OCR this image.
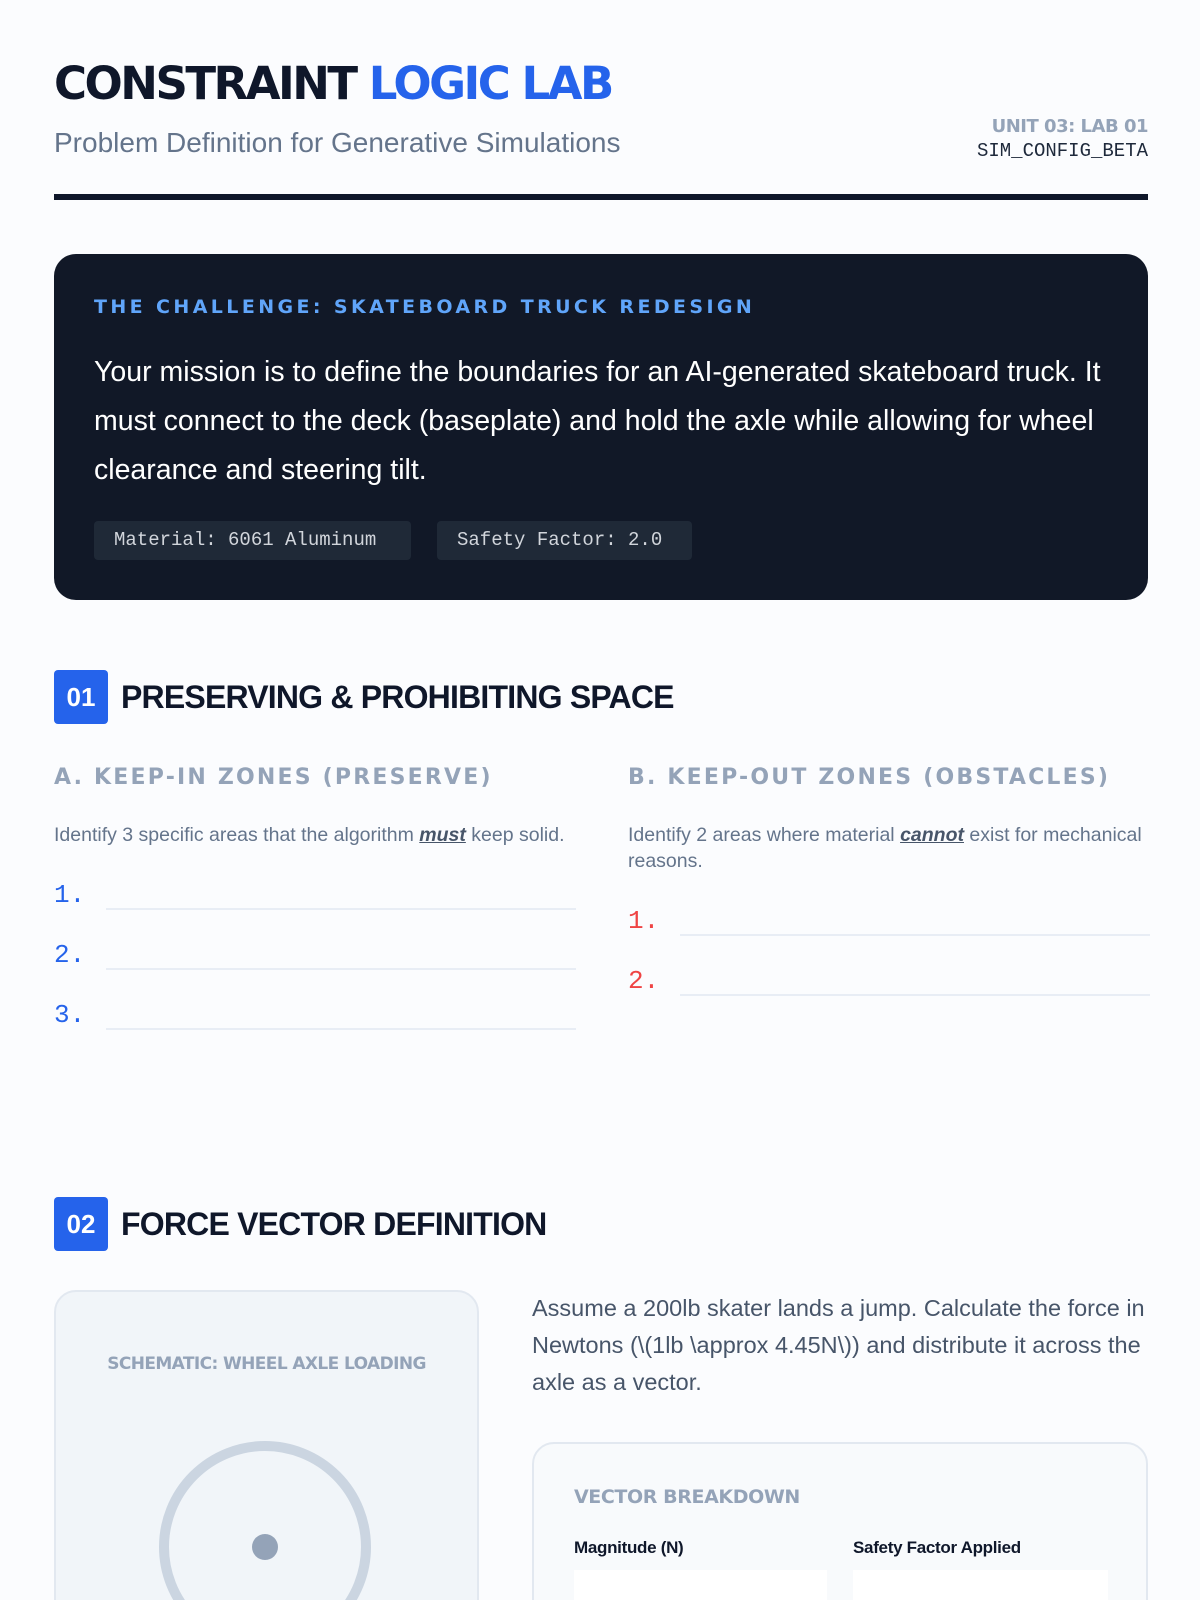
CONSTRAINT LOGIC LAB
Problem Definition for Generative Simulations
UNIT 03: LAB 01
SIM_CONFIG_BETA
THE CHALLENGE: SKATEBOARD TRUCK REDESIGN
Your mission is to define the boundaries for an AI-generated skateboard truck. It must connect to the deck (baseplate) and hold the axle while allowing for wheel clearance and steering tilt.
Material: 6061 Aluminum	Safety Factor: 2.0
01 PRESERVING & PROHIBITING SPACE
A. KEEP-IN ZONES (PRESERVE)
Identify 3 specific areas that the algorithm must keep solid.
1.
2.
3.
B. KEEP-OUT ZONES (OBSTACLES)
Identify 2 areas where material cannot exist for mechanical reasons.
1.
2.
02 FORCE VECTOR DEFINITION
SCHEMATIC: WHEEL AXLE LOADING
Assume a 200lb skater lands a jump. Calculate the force in Newtons (\(1lb \approx 4.45N\)) and distribute it across the axle as a vector.
VECTOR BREAKDOWN
Magnitude (N)	Safety Factor Applied
